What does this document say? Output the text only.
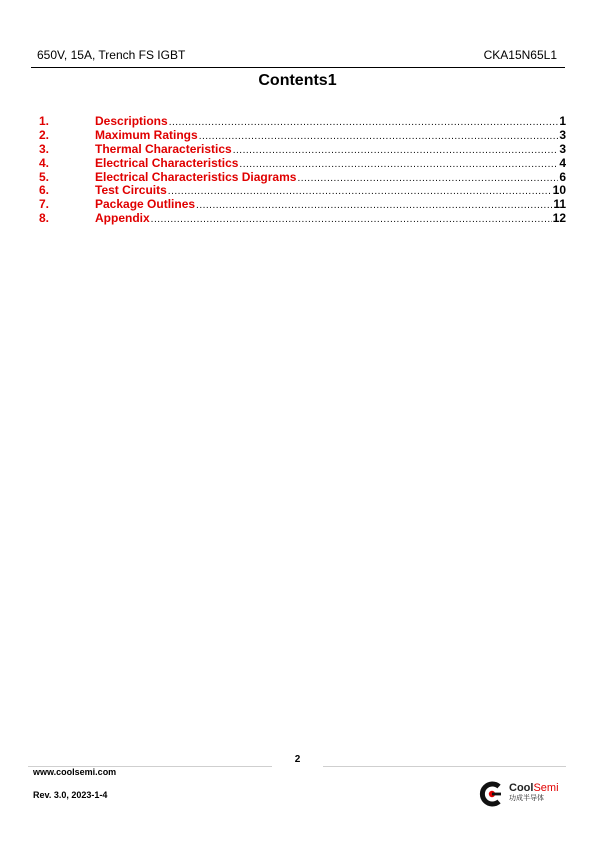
650V, 15A, Trench FS IGBT	CKA15N65L1
Contents1
1.	Descriptions .....	1
2.	Maximum Ratings .....	3
3.	Thermal Characteristics .....	3
4.	Electrical Characteristics .....	4
5.	Electrical Characteristics Diagrams .....	6
6.	Test Circuits .....	10
7.	Package Outlines .....	11
8.	Appendix .....	12
2
www.coolsemi.com
Rev. 3.0, 2023-1-4
CoolSemi
功成半导体
